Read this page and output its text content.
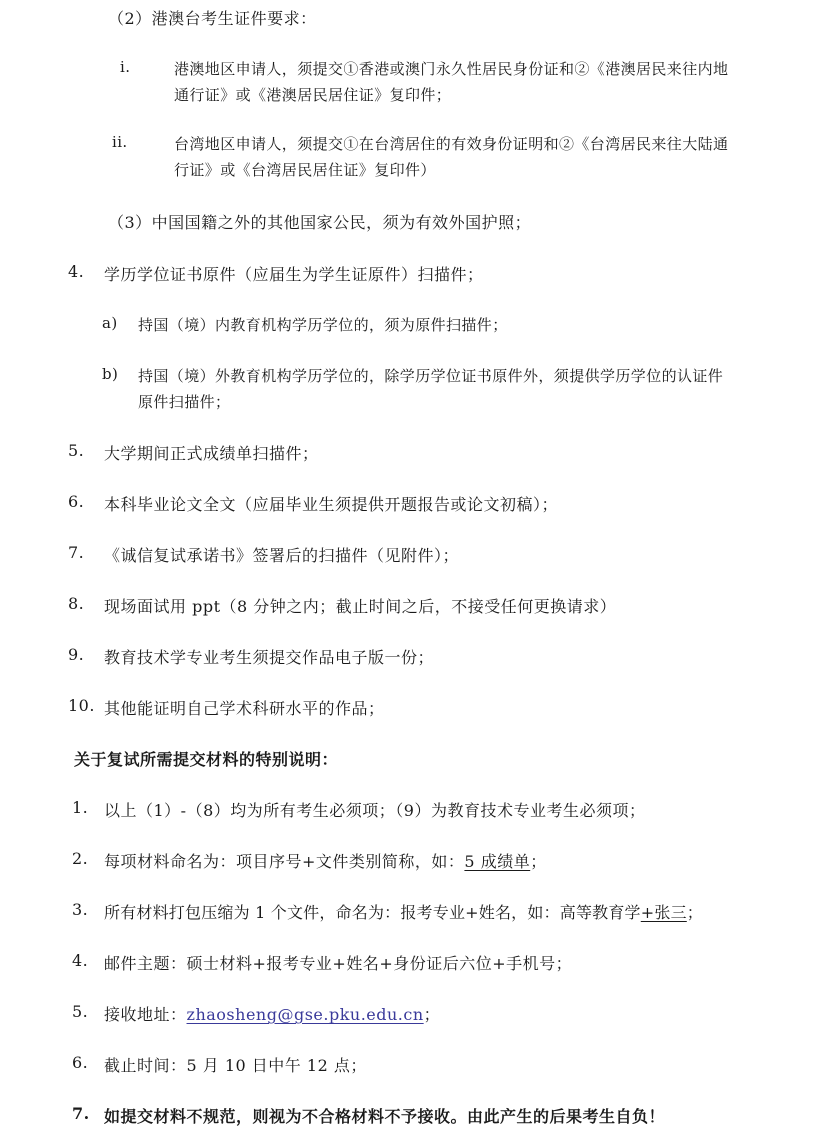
（2）港澳台考生证件要求：
i.	港澳地区申请人，须提交①香港或澳门永久性居民身份证和②《港澳居民来往内地
通行证》或《港澳居民居住证》复印件；
ii.	台湾地区申请人，须提交①在台湾居住的有效身份证明和②《台湾居民来往大陆通
行证》或《台湾居民居住证》复印件）
（3）中国国籍之外的其他国家公民，须为有效外国护照；
4. 学历学位证书原件（应届生为学生证原件）扫描件；
a) 持国（境）内教育机构学历学位的，须为原件扫描件；
b) 持国（境）外教育机构学历学位的，除学历学位证书原件外，须提供学历学位的认证件
原件扫描件；
5. 大学期间正式成绩单扫描件；
6. 本科毕业论文全文（应届毕业生须提供开题报告或论文初稿）；
7. 《诚信复试承诺书》签署后的扫描件（见附件）；
8. 现场面试用 ppt（8 分钟之内；截止时间之后，不接受任何更换请求）
9. 教育技术学专业考生须提交作品电子版一份；
10. 其他能证明自己学术科研水平的作品；
关于复试所需提交材料的特别说明：
1. 以上（1）-（8）均为所有考生必须项；（9）为教育技术专业考生必须项；
2. 每项材料命名为：项目序号+文件类别简称，如：5 成绩单；
3. 所有材料打包压缩为 1 个文件，命名为：报考专业+姓名，如：高等教育学+张三；
4. 邮件主题：硕士材料+报考专业+姓名+身份证后六位+手机号；
5. 接收地址：zhaosheng@gse.pku.edu.cn；
6. 截止时间：5 月 10 日中午 12 点；
7. 如提交材料不规范，则视为不合格材料不予接收。由此产生的后果考生自负！
